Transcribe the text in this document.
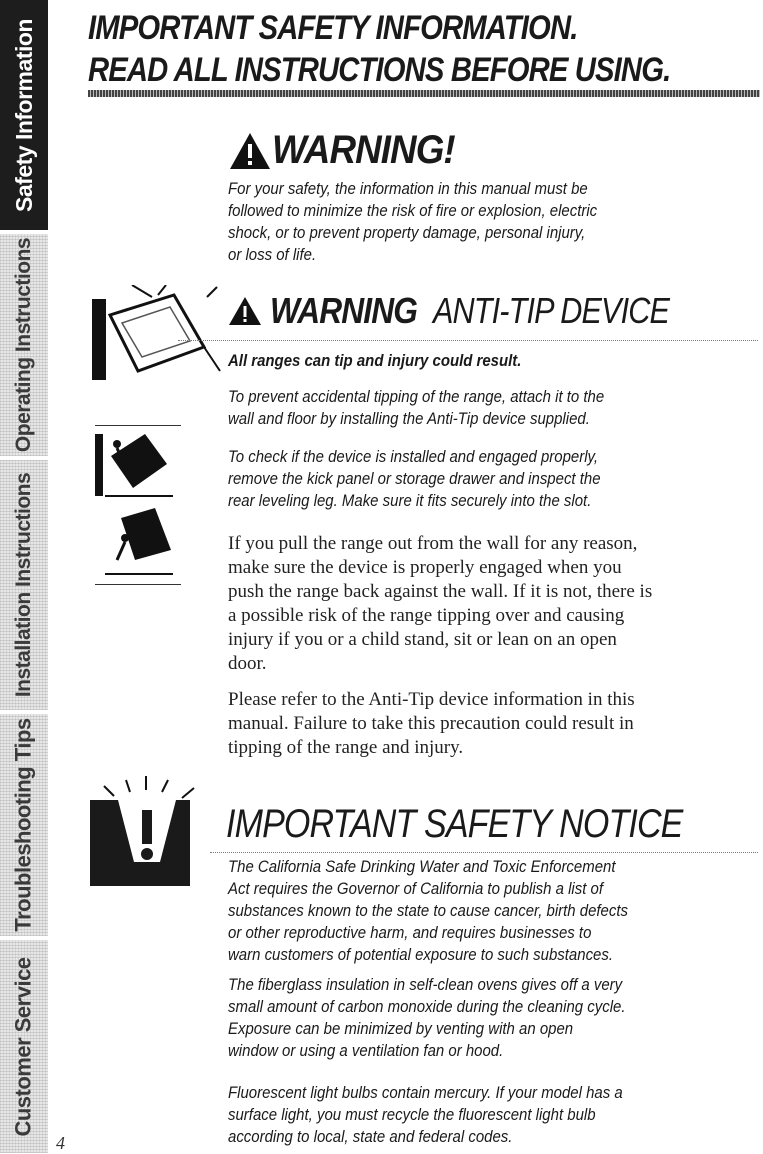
Safety Information
Operating Instructions
Installation Instructions
Troubleshooting Tips
Customer Service
IMPORTANT SAFETY INFORMATION.
READ ALL INSTRUCTIONS BEFORE USING.
WARNING!
For your safety, the information in this manual must be
followed to minimize the risk of fire or explosion, electric
shock, or to prevent property damage, personal injury,
or loss of life.
WARNING ANTI-TIP DEVICE
All ranges can tip and injury could result.
To prevent accidental tipping of the range, attach it to the
wall and floor by installing the Anti-Tip device supplied.
To check if the device is installed and engaged properly,
remove the kick panel or storage drawer and inspect the
rear leveling leg. Make sure it fits securely into the slot.
If you pull the range out from the wall for any reason,
make sure the device is properly engaged when you
push the range back against the wall. If it is not, there is
a possible risk of the range tipping over and causing
injury if you or a child stand, sit or lean on an open
door.
Please refer to the Anti-Tip device information in this
manual. Failure to take this precaution could result in
tipping of the range and injury.
IMPORTANT SAFETY NOTICE
The California Safe Drinking Water and Toxic Enforcement
Act requires the Governor of California to publish a list of
substances known to the state to cause cancer, birth defects
or other reproductive harm, and requires businesses to
warn customers of potential exposure to such substances.
The fiberglass insulation in self-clean ovens gives off a very
small amount of carbon monoxide during the cleaning cycle.
Exposure can be minimized by venting with an open
window or using a ventilation fan or hood.
Fluorescent light bulbs contain mercury. If your model has a
surface light, you must recycle the fluorescent light bulb
according to local, state and federal codes.
4
